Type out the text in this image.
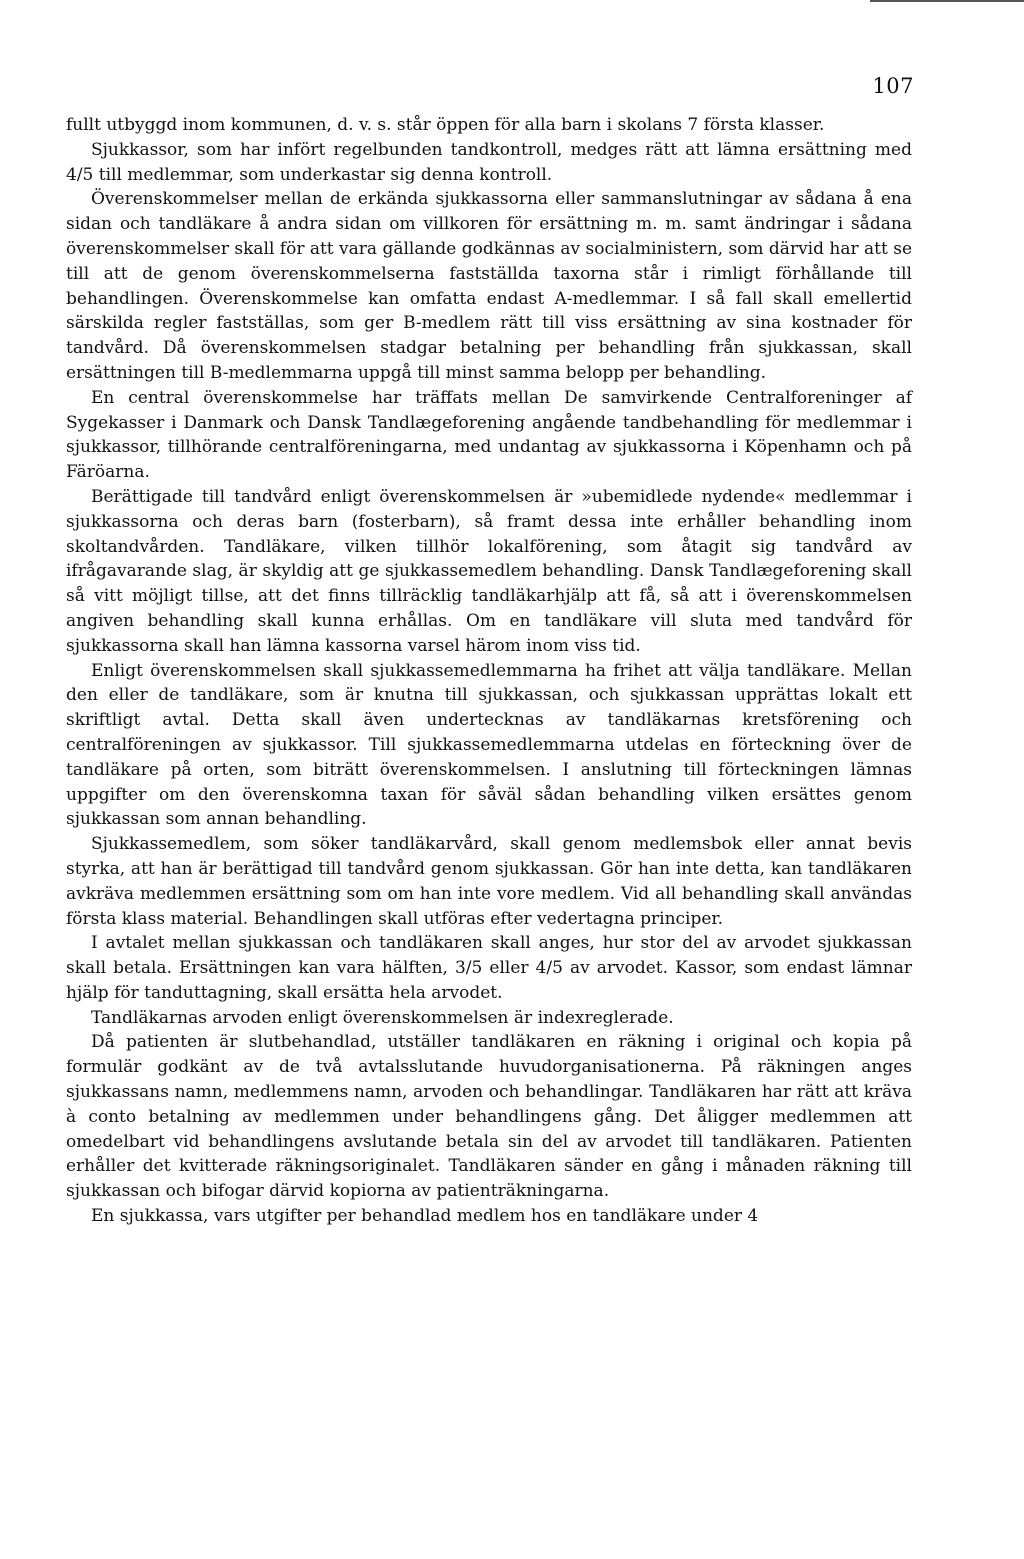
107

fullt utbyggd inom kommunen, d. v. s. står öppen för alla barn i skolans 7 första klasser.

Sjukkassor, som har infört regelbunden tandkontroll, medges rätt att lämna ersättning med 4/5 till medlemmar, som underkastar sig denna kontroll.

Överenskommelser mellan de erkända sjukkassorna eller sammanslutningar av sådana å ena sidan och tandläkare å andra sidan om villkoren för ersättning m. m. samt ändringar i sådana överenskommelser skall för att vara gällande godkännas av socialministern, som därvid har att se till att de genom överenskommelserna fastställda taxorna står i rimligt förhållande till behandlingen. Överenskommelse kan omfatta endast A-medlemmar. I så fall skall emellertid särskilda regler fastställas, som ger B-medlem rätt till viss ersättning av sina kostnader för tandvård. Då överenskommelsen stadgar betalning per behandling från sjukkassan, skall ersättningen till B-medlemmarna uppgå till minst samma belopp per behandling.

En central överenskommelse har träffats mellan De samvirkende Centralforeninger af Sygekasser i Danmark och Dansk Tandlægeforening angående tandbehandling för medlemmar i sjukkassor, tillhörande centralföreningarna, med undantag av sjukkassorna i Köpenhamn och på Färöarna.

Berättigade till tandvård enligt överenskommelsen är »ubemidlede nydende« medlemmar i sjukkassorna och deras barn (fosterbarn), så framt dessa inte erhåller behandling inom skoltandvården. Tandläkare, vilken tillhör lokalförening, som åtagit sig tandvård av ifrågavarande slag, är skyldig att ge sjukkassemedlem behandling. Dansk Tandlægeforening skall så vitt möjligt tillse, att det finns tillräcklig tandläkarhjälp att få, så att i överenskommelsen angiven behandling skall kunna erhållas. Om en tandläkare vill sluta med tandvård för sjukkassorna skall han lämna kassorna varsel härom inom viss tid.

Enligt överenskommelsen skall sjukkassemedlemmarna ha frihet att välja tandläkare. Mellan den eller de tandläkare, som är knutna till sjukkassan, och sjukkassan upprättas lokalt ett skriftligt avtal. Detta skall även undertecknas av tandläkarnas kretsförening och centralföreningen av sjukkassor. Till sjukkassemedlemmarna utdelas en förteckning över de tandläkare på orten, som biträtt överenskommelsen. I anslutning till förteckningen lämnas uppgifter om den överenskomna taxan för såväl sådan behandling vilken ersättes genom sjukkassan som annan behandling.

Sjukkassemedlem, som söker tandläkarvård, skall genom medlemsbok eller annat bevis styrka, att han är berättigad till tandvård genom sjukkassan. Gör han inte detta, kan tandläkaren avkräva medlemmen ersättning som om han inte vore medlem. Vid all behandling skall användas första klass material. Behandlingen skall utföras efter vedertagna principer.

I avtalet mellan sjukkassan och tandläkaren skall anges, hur stor del av arvodet sjukkassan skall betala. Ersättningen kan vara hälften, 3/5 eller 4/5 av arvodet. Kassor, som endast lämnar hjälp för tanduttagning, skall ersätta hela arvodet.

Tandläkarnas arvoden enligt överenskommelsen är indexreglerade.

Då patienten är slutbehandlad, utställer tandläkaren en räkning i original och kopia på formulär godkänt av de två avtalsslutande huvudorganisationerna. På räkningen anges sjukkassans namn, medlemmens namn, arvoden och behandlingar. Tandläkaren har rätt att kräva à conto betalning av medlemmen under behandlingens gång. Det åligger medlemmen att omedelbart vid behandlingens avslutande betala sin del av arvodet till tandläkaren. Patienten erhåller det kvitterade räkningsoriginalet. Tandläkaren sänder en gång i månaden räkning till sjukkassan och bifogar därvid kopiorna av patienträkningarna.

En sjukkassa, vars utgifter per behandlad medlem hos en tandläkare under 4
